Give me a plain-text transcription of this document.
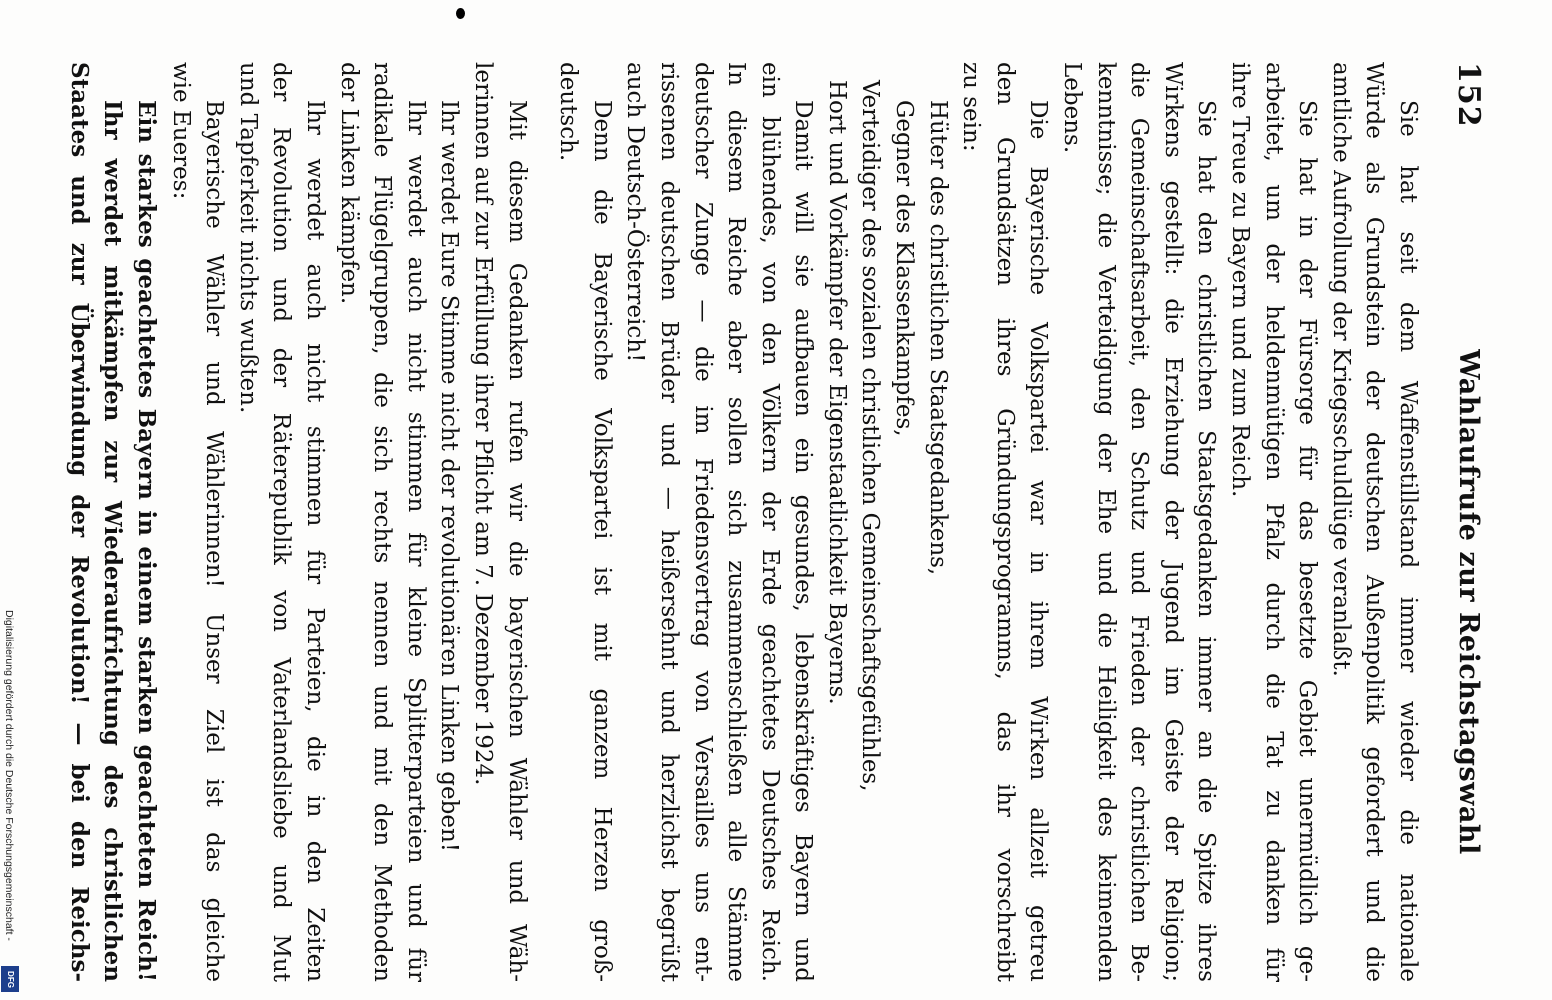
152
Wahlaufrufe zur Reichstagswahl
Sie hat seit dem Waffenstillstand immer wieder die nationale
Würde als Grundstein der deutschen Außenpolitik gefordert und die
amtliche Aufrollung der Kriegsschuldlüge veranlaßt.
Sie hat in der Fürsorge für das besetzte Gebiet unermüdlich ge-
arbeitet, um der heldenmütigen Pfalz durch die Tat zu danken für
ihre Treue zu Bayern und zum Reich.
Sie hat den christlichen Staatsgedanken immer an die Spitze ihres
Wirkens gestellt: die Erziehung der Jugend im Geiste der Religion;
die Gemeinschaftsarbeit, den Schutz und Frieden der christlichen Be-
kenntnisse; die Verteidigung der Ehe und die Heiligkeit des keimenden
Lebens.
Die Bayerische Volkspartei war in ihrem Wirken allzeit getreu
den Grundsätzen ihres Gründungsprogramms, das ihr vorschreibt
zu sein:
Hüter des christlichen Staatsgedankens,
Gegner des Klassenkampfes,
Verteidiger des sozialen christlichen Gemeinschaftsgefühles,
Hort und Vorkämpfer der Eigenstaatlichkeit Bayerns.
Damit will sie aufbauen ein gesundes, lebenskräftiges Bayern und
ein blühendes, von den Völkern der Erde geachtetes Deutsches Reich.
In diesem Reiche aber sollen sich zusammenschließen alle Stämme
deutscher Zunge — die im Friedensvertrag von Versailles uns ent-
rissenen deutschen Brüder und — heißersehnt und herzlichst begrüßt
auch Deutsch-Österreich!
Denn die Bayerische Volkspartei ist mit ganzem Herzen groß-
deutsch.
Mit diesem Gedanken rufen wir die bayerischen Wähler und Wäh-
lerinnen auf zur Erfüllung ihrer Pflicht am 7. Dezember 1924.
Ihr werdet Eure Stimme nicht der revolutionären Linken geben!
Ihr werdet auch nicht stimmen für kleine Splitterparteien und für
radikale Flügelgruppen, die sich rechts nennen und mit den Methoden
der Linken kämpfen.
Ihr werdet auch nicht stimmen für Parteien, die in den Zeiten
der Revolution und der Räterepublik von Vaterlandsliebe und Mut
und Tapferkeit nichts wußten.
Bayerische Wähler und Wählerinnen! Unser Ziel ist das gleiche
wie Eueres:
Ein starkes geachtetes Bayern in einem starken geachteten Reich!
Ihr werdet mitkämpfen zur Wiederaufrichtung des christlichen
Staates und zur Überwindung der Revolution! — bei den Reichs-
Digitalisierung gefördert durch die Deutsche Forschungsgemeinschaft -
DFG
